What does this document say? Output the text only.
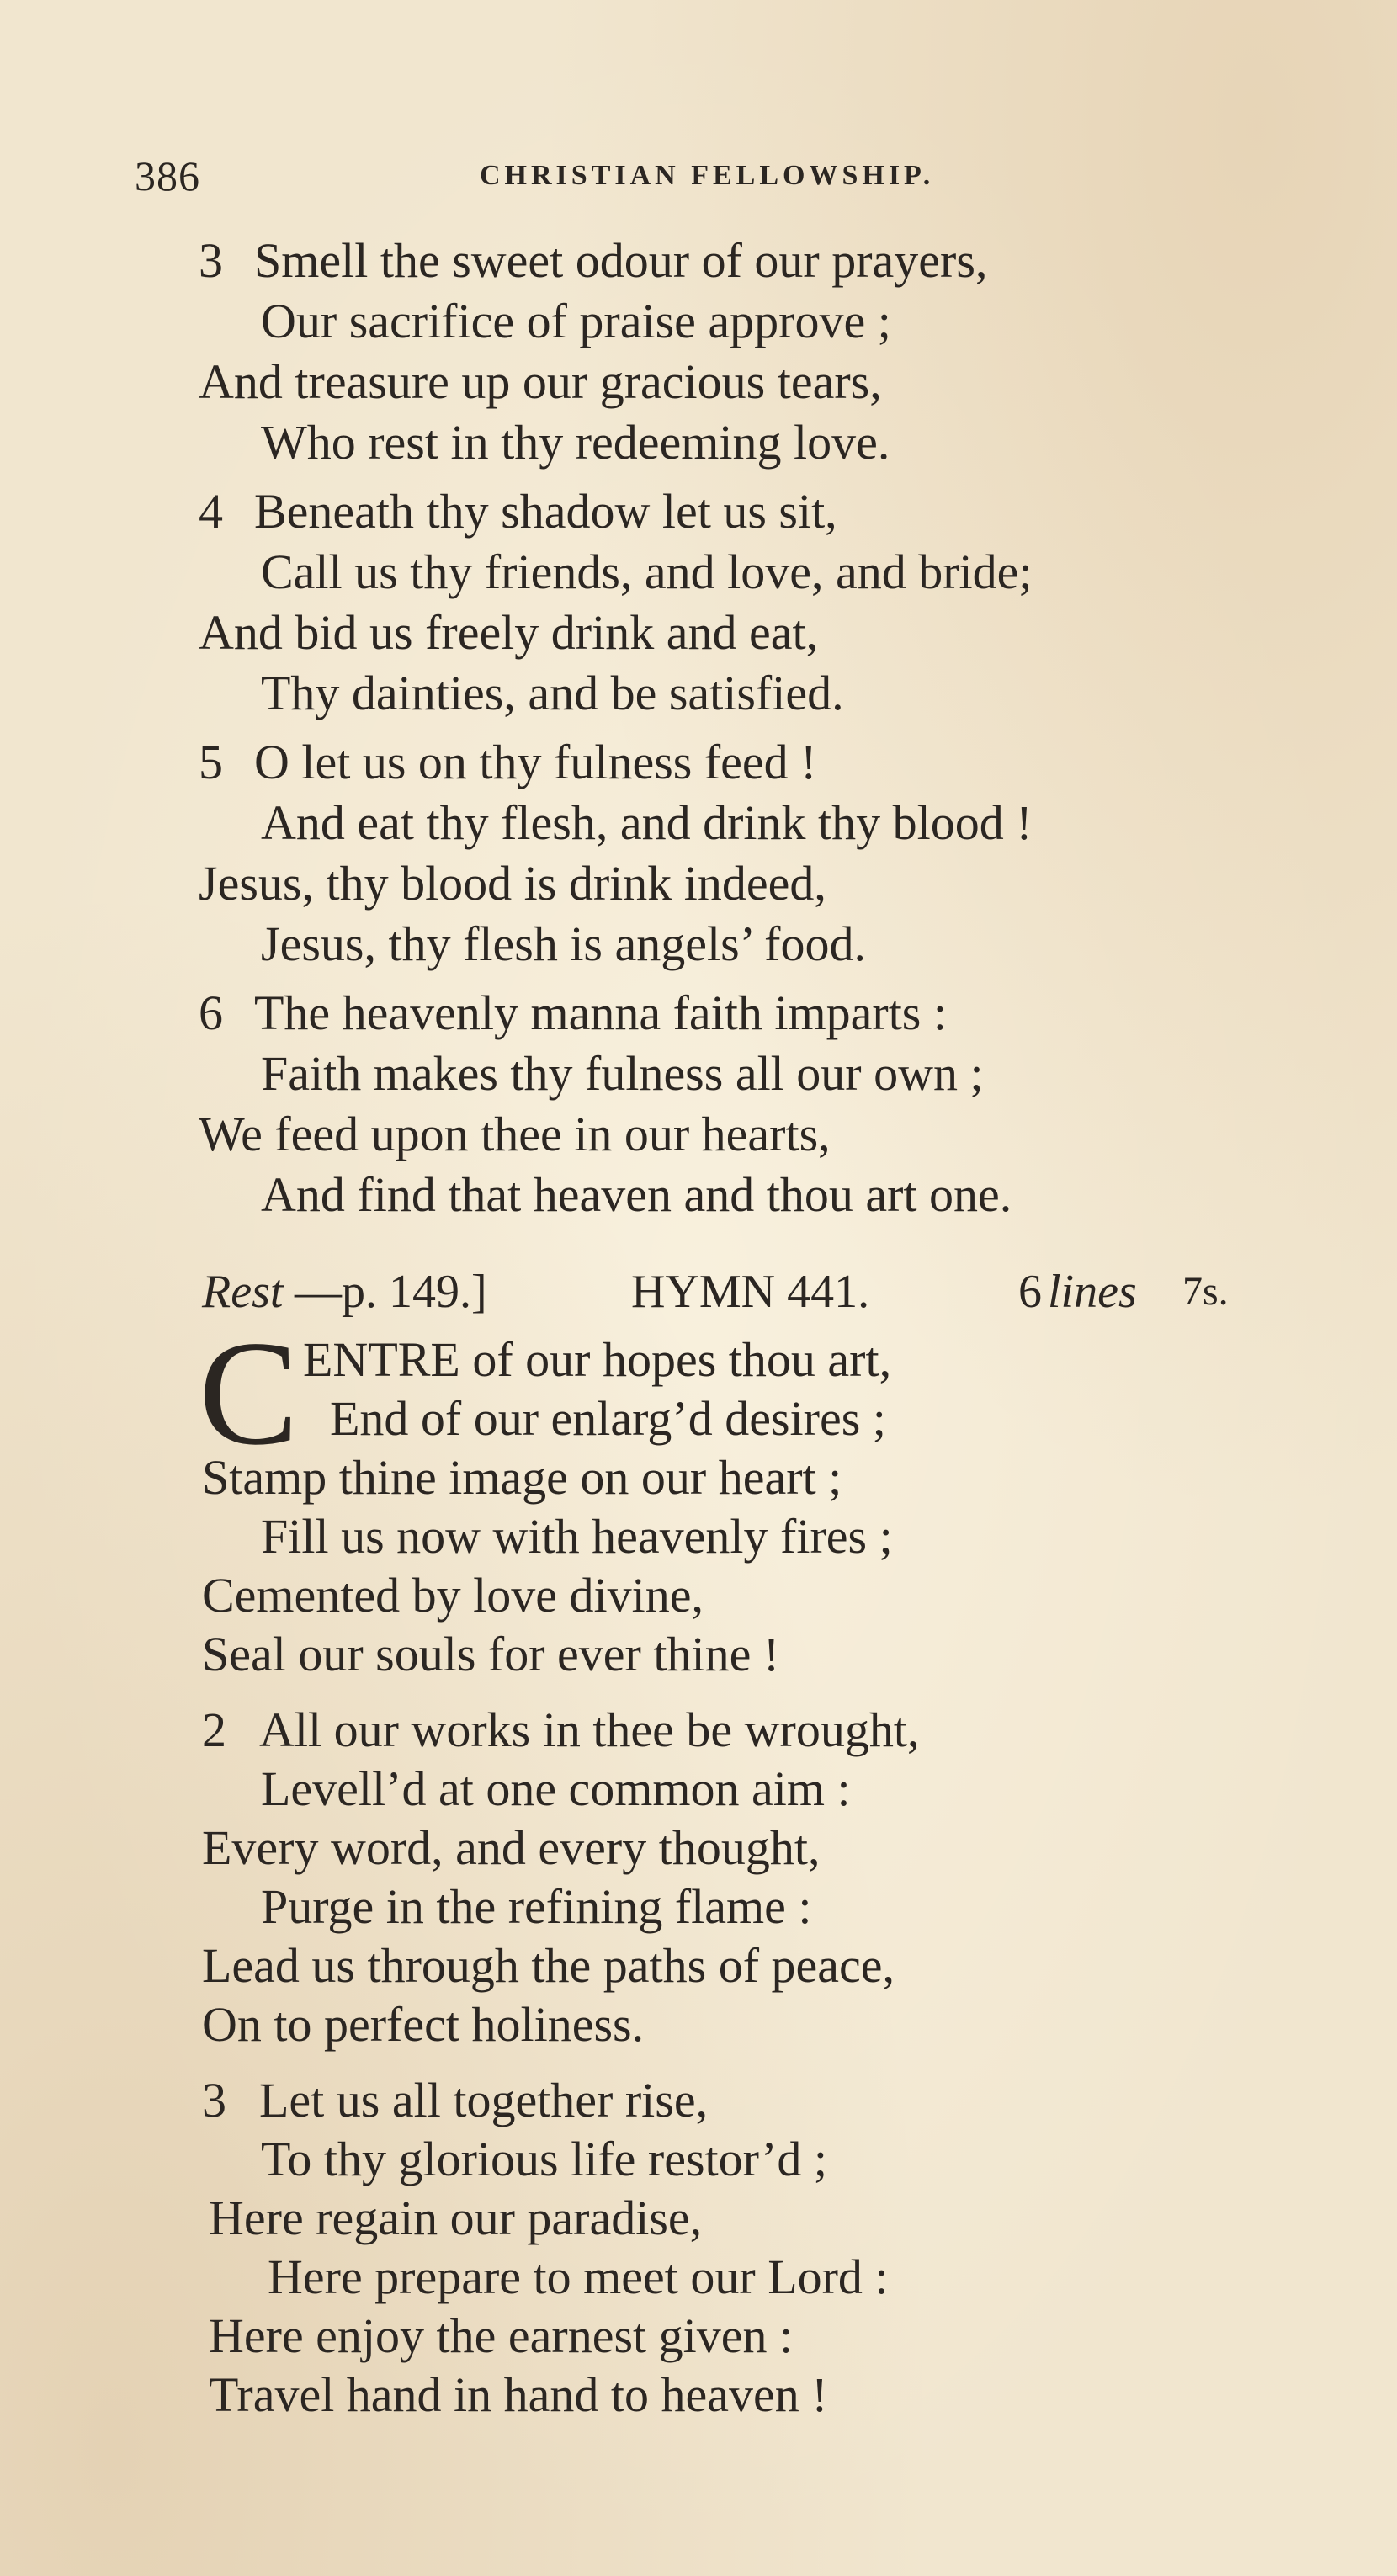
386	CHRISTIAN FELLOWSHIP.
3 Smell the sweet odour of our prayers,
Our sacrifice of praise approve ;
And treasure up our gracious tears,
Who rest in thy redeeming love.
4 Beneath thy shadow let us sit,
Call us thy friends, and love, and bride;
And bid us freely drink and eat,
Thy dainties, and be satisfied.
5 O let us on thy fulness feed !
And eat thy flesh, and drink thy blood !
Jesus, thy blood is drink indeed,
Jesus, thy flesh is angels’ food.
6 The heavenly manna faith imparts :
Faith makes thy fulness all our own ;
We feed upon thee in our hearts,
And find that heaven and thou art one.
Rest —p. 149.]	HYMN 441.	6 lines 7s.
C ENTRE of our hopes thou art,
End of our enlarg’d desires ;
Stamp thine image on our heart ;
Fill us now with heavenly fires ;
Cemented by love divine,
Seal our souls for ever thine !
2 All our works in thee be wrought,
Levell’d at one common aim :
Every word, and every thought,
Purge in the refining flame :
Lead us through the paths of peace,
On to perfect holiness.
3 Let us all together rise,
To thy glorious life restor’d ;
Here regain our paradise,
Here prepare to meet our Lord :
Here enjoy the earnest given :
Travel hand in hand to heaven !
